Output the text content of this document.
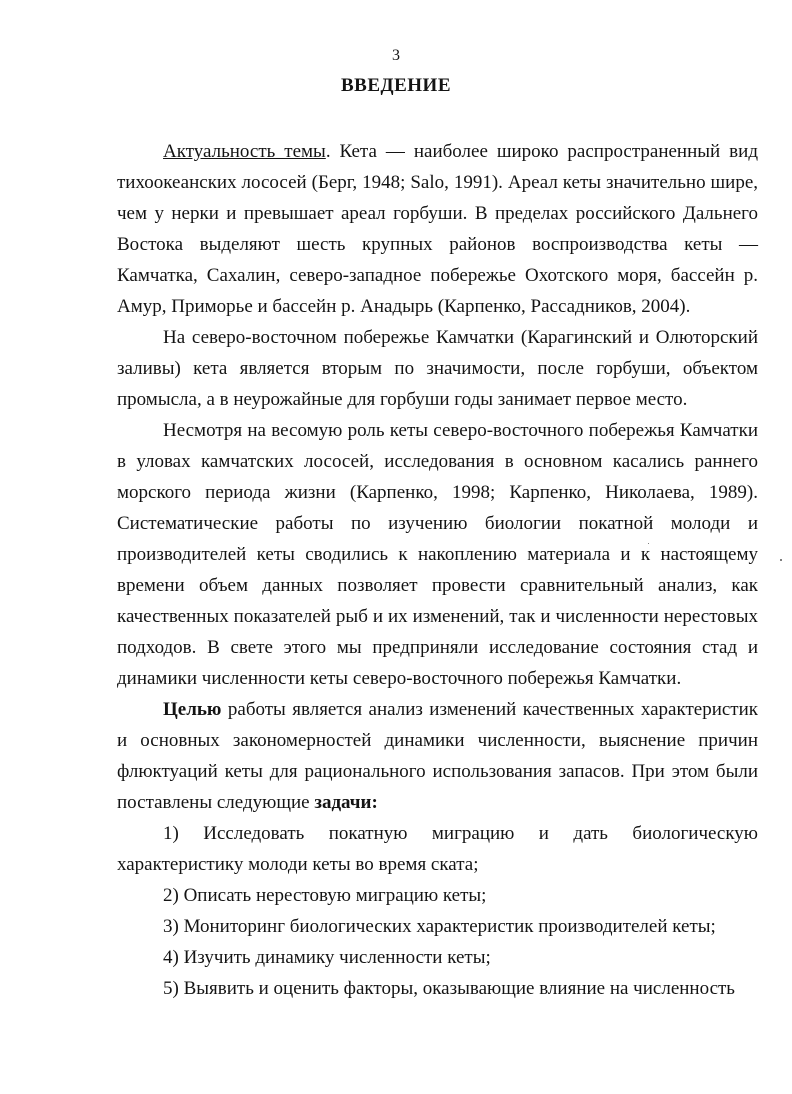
3
ВВЕДЕНИЕ

Актуальность темы. Кета — наиболее широко распространенный вид тихоокеанских лососей (Берг, 1948; Salo, 1991). Ареал кеты значительно шире, чем у нерки и превышает ареал горбуши. В пределах российского Дальнего Востока выделяют шесть крупных районов воспроизводства кеты — Камчатка, Сахалин, северо-западное побережье Охотского моря, бассейн р. Амур, Приморье и бассейн р. Анадырь (Карпенко, Рассадников, 2004).

На северо-восточном побережье Камчатки (Карагинский и Олюторский заливы) кета является вторым по значимости, после горбуши, объектом промысла, а в неурожайные для горбуши годы занимает первое место.

Несмотря на весомую роль кеты северо-восточного побережья Камчатки в уловах камчатских лососей, исследования в основном касались раннего морского периода жизни (Карпенко, 1998; Карпенко, Николаева, 1989). Систематические работы по изучению биологии покатной молоди и производителей кеты сводились к накоплению материала и к настоящему времени объем данных позволяет провести сравнительный анализ, как качественных показателей рыб и их изменений, так и численности нерестовых подходов. В свете этого мы предприняли исследование состояния стад и динамики численности кеты северо-восточного побережья Камчатки.

Целью работы является анализ изменений качественных характеристик и основных закономерностей динамики численности, выяснение причин флюктуаций кеты для рационального использования запасов. При этом были поставлены следующие задачи:

1) Исследовать покатную миграцию и дать биологическую
характеристику молоди кеты во время ската;

2) Описать нерестовую миграцию кеты;

3) Мониторинг биологических характеристик производителей кеты;

4) Изучить динамику численности кеты;

5) Выявить и оценить факторы, оказывающие влияние на численность
